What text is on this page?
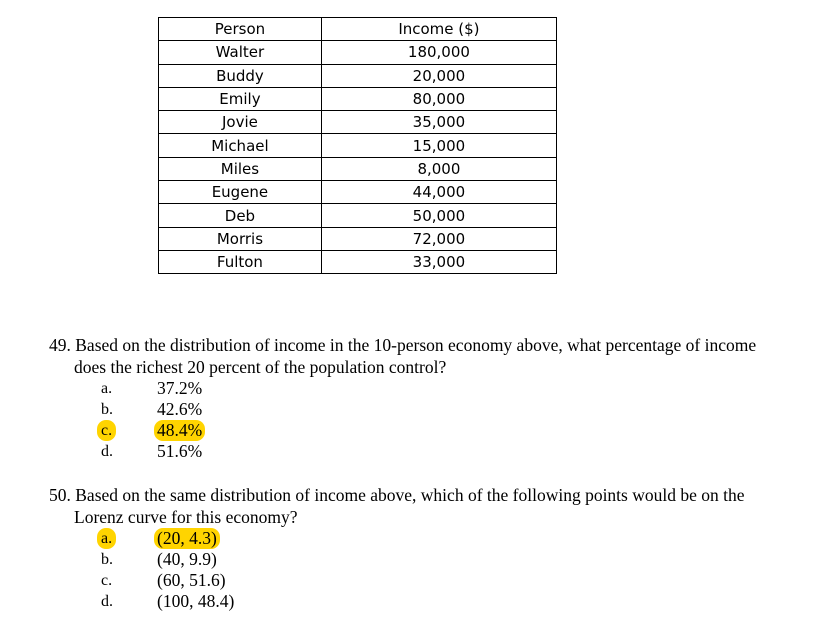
Person	Income ($)
Walter	180,000
Buddy	20,000
Emily	80,000
Jovie	35,000
Michael	15,000
Miles	8,000
Eugene	44,000
Deb	50,000
Morris	72,000
Fulton	33,000

49. Based on the distribution of income in the 10-person economy above, what percentage of income does the richest 20 percent of the population control?

a.	37.2%
b.	42.6%
c.	48.4%
d.	51.6%

50. Based on the same distribution of income above, which of the following points would be on the Lorenz curve for this economy?

a.	(20, 4.3)
b.	(40, 9.9)
c.	(60, 51.6)
d.	(100, 48.4)
